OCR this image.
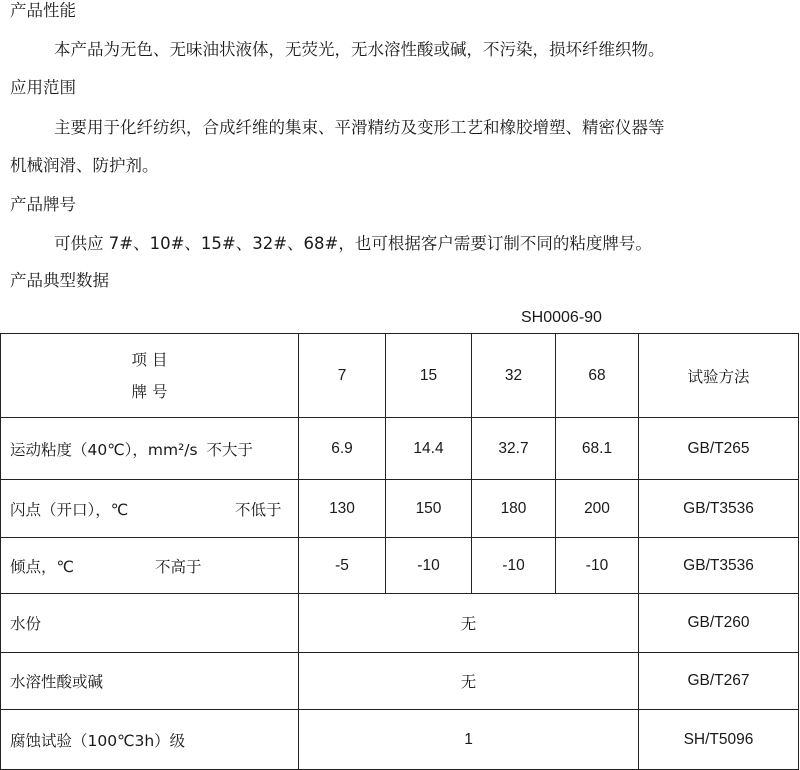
产品性能
本产品为无色、无味油状液体，无荧光，无水溶性酸或碱，不污染，损坏纤维织物。
应用范围
主要用于化纤纺织，合成纤维的集束、平滑精纺及变形工艺和橡胶增塑、精密仪器等
机械润滑、防护剂。
产品牌号
可供应 7#、10#、15#、32#、68#，也可根据客户需要订制不同的粘度牌号。
产品典型数据
SH0006-90
项 目
牌 号	7	15	32	68	试验方法
运动粘度（40℃），mm²/s 不大于	6.9	14.4	32.7	68.1	GB/T265

闪点（开口），℃ 不低于	130	150	180	200	GB/T3536

倾点，℃ 不高于	-5	-10	-10	-10	GB/T3536
水份	无				GB/T260
水溶性酸或碱	无				GB/T267
腐蚀试验（100℃3h）级	1				SH/T5096
